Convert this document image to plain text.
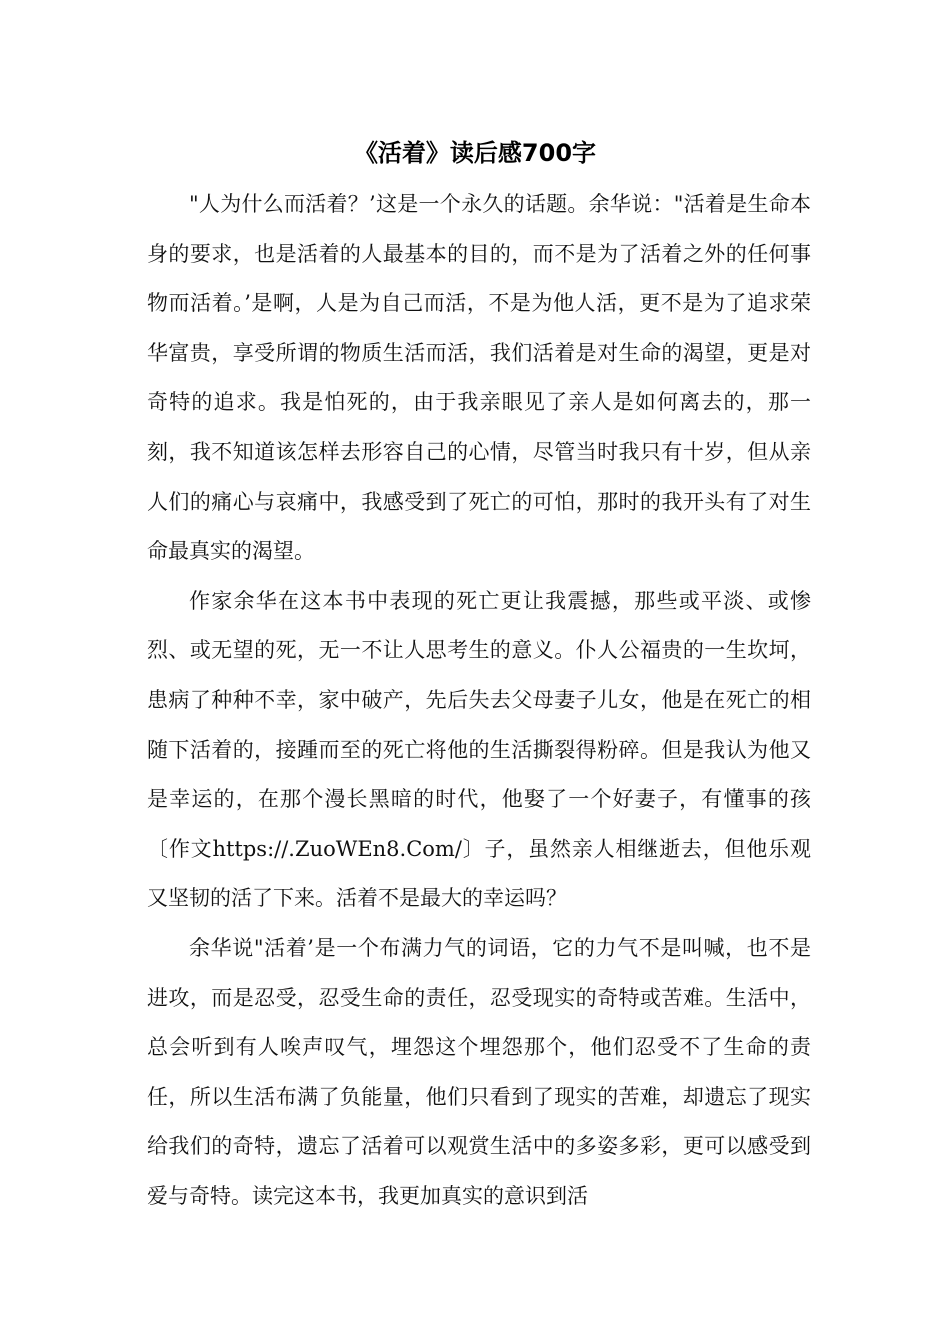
《活着》读后感700字

"人为什么而活着？’这是一个永久的话题。余华说："活着是生命本身的要求，也是活着的人最基本的目的，而不是为了活着之外的任何事物而活着。’是啊，人是为自己而活，不是为他人活，更不是为了追求荣华富贵，享受所谓的物质生活而活，我们活着是对生命的渴望，更是对奇特的追求。我是怕死的，由于我亲眼见了亲人是如何离去的，那一刻，我不知道该怎样去形容自己的心情，尽管当时我只有十岁，但从亲人们的痛心与哀痛中，我感受到了死亡的可怕，那时的我开头有了对生命最真实的渴望。

作家余华在这本书中表现的死亡更让我震撼，那些或平淡、或惨烈、或无望的死，无一不让人思考生的意义。仆人公福贵的一生坎坷，患病了种种不幸，家中破产，先后失去父母妻子儿女，他是在死亡的相随下活着的，接踵而至的死亡将他的生活撕裂得粉碎。但是我认为他又是幸运的，在那个漫长黑暗的时代，他娶了一个好妻子，有懂事的孩〔作文https://.ZuoWEn8.Com/〕子，虽然亲人相继逝去，但他乐观又坚韧的活了下来。活着不是最大的幸运吗？

余华说"活着’是一个布满力气的词语，它的力气不是叫喊，也不是进攻，而是忍受，忍受生命的责任，忍受现实的奇特或苦难。生活中，总会听到有人唉声叹气，埋怨这个埋怨那个，他们忍受不了生命的责任，所以生活布满了负能量，他们只看到了现实的苦难，却遗忘了现实给我们的奇特，遗忘了活着可以观赏生活中的多姿多彩，更可以感受到爱与奇特。读完这本书，我更加真实的意识到活
